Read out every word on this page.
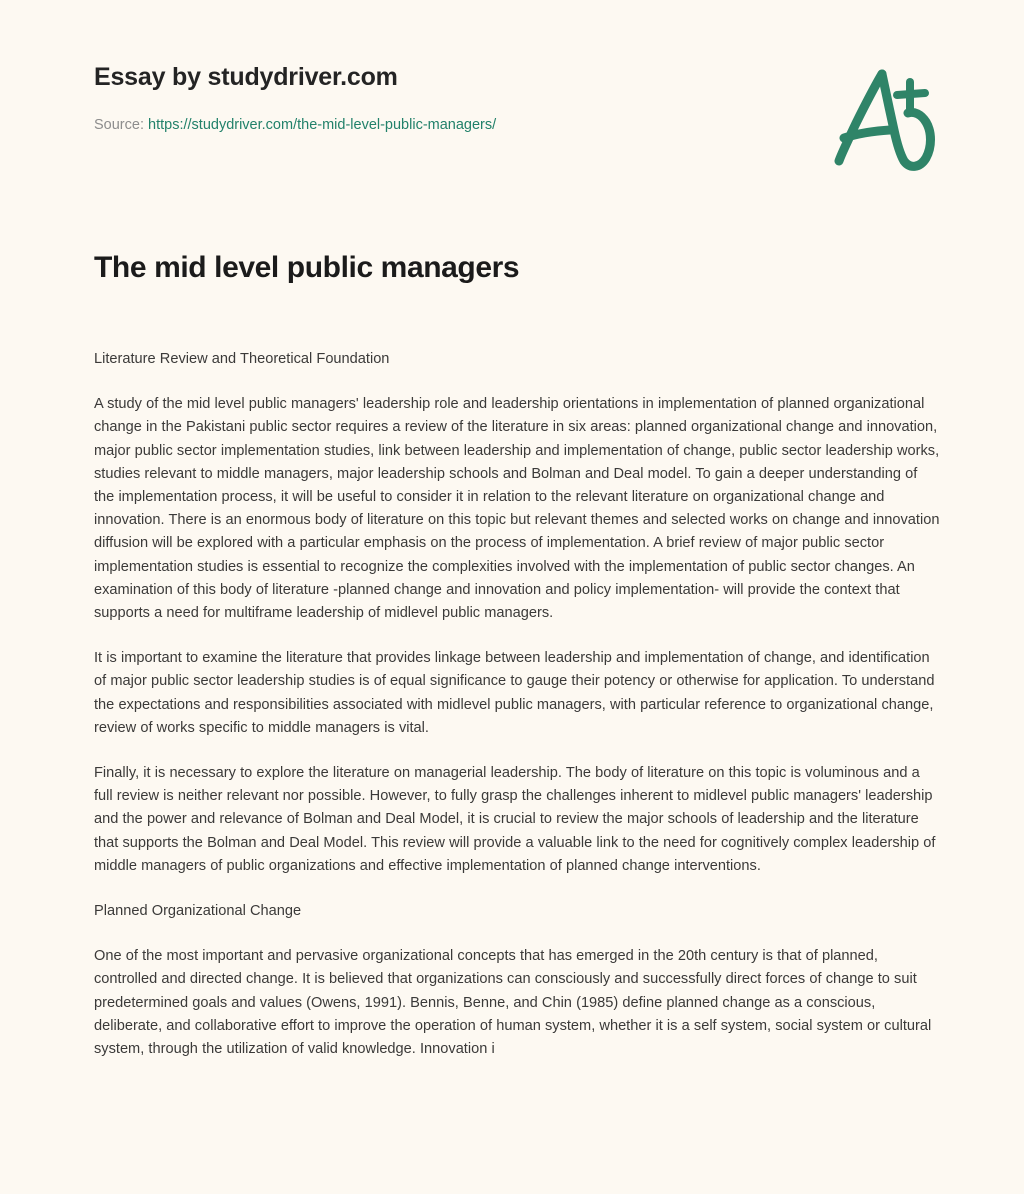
Essay by studydriver.com
Source: https://studydriver.com/the-mid-level-public-managers/
The mid level public managers

Literature Review and Theoretical Foundation

A study of the mid level public managers' leadership role and leadership orientations in implementation of planned organizational change in the Pakistani public sector requires a review of the literature in six areas: planned organizational change and innovation, major public sector implementation studies, link between leadership and implementation of change, public sector leadership works, studies relevant to middle managers, major leadership schools and Bolman and Deal model. To gain a deeper understanding of the implementation process, it will be useful to consider it in relation to the relevant literature on organizational change and innovation. There is an enormous body of literature on this topic but relevant themes and selected works on change and innovation diffusion will be explored with a particular emphasis on the process of implementation. A brief review of major public sector implementation studies is essential to recognize the complexities involved with the implementation of public sector changes. An examination of this body of literature -planned change and innovation and policy implementation- will provide the context that supports a need for multiframe leadership of midlevel public managers.

It is important to examine the literature that provides linkage between leadership and implementation of change, and identification of major public sector leadership studies is of equal significance to gauge their potency or otherwise for application. To understand the expectations and responsibilities associated with midlevel public managers, with particular reference to organizational change, review of works specific to middle managers is vital.

Finally, it is necessary to explore the literature on managerial leadership. The body of literature on this topic is voluminous and a full review is neither relevant nor possible. However, to fully grasp the challenges inherent to midlevel public managers' leadership and the power and relevance of Bolman and Deal Model, it is crucial to review the major schools of leadership and the literature that supports the Bolman and Deal Model. This review will provide a valuable link to the need for cognitively complex leadership of middle managers of public organizations and effective implementation of planned change interventions.

Planned Organizational Change

One of the most important and pervasive organizational concepts that has emerged in the 20th century is that of planned, controlled and directed change. It is believed that organizations can consciously and successfully direct forces of change to suit predetermined goals and values (Owens, 1991). Bennis, Benne, and Chin (1985) define planned change as a conscious, deliberate, and collaborative effort to improve the operation of human system, whether it is a self system, social system or cultural system, through the utilization of valid knowledge. Innovation i
